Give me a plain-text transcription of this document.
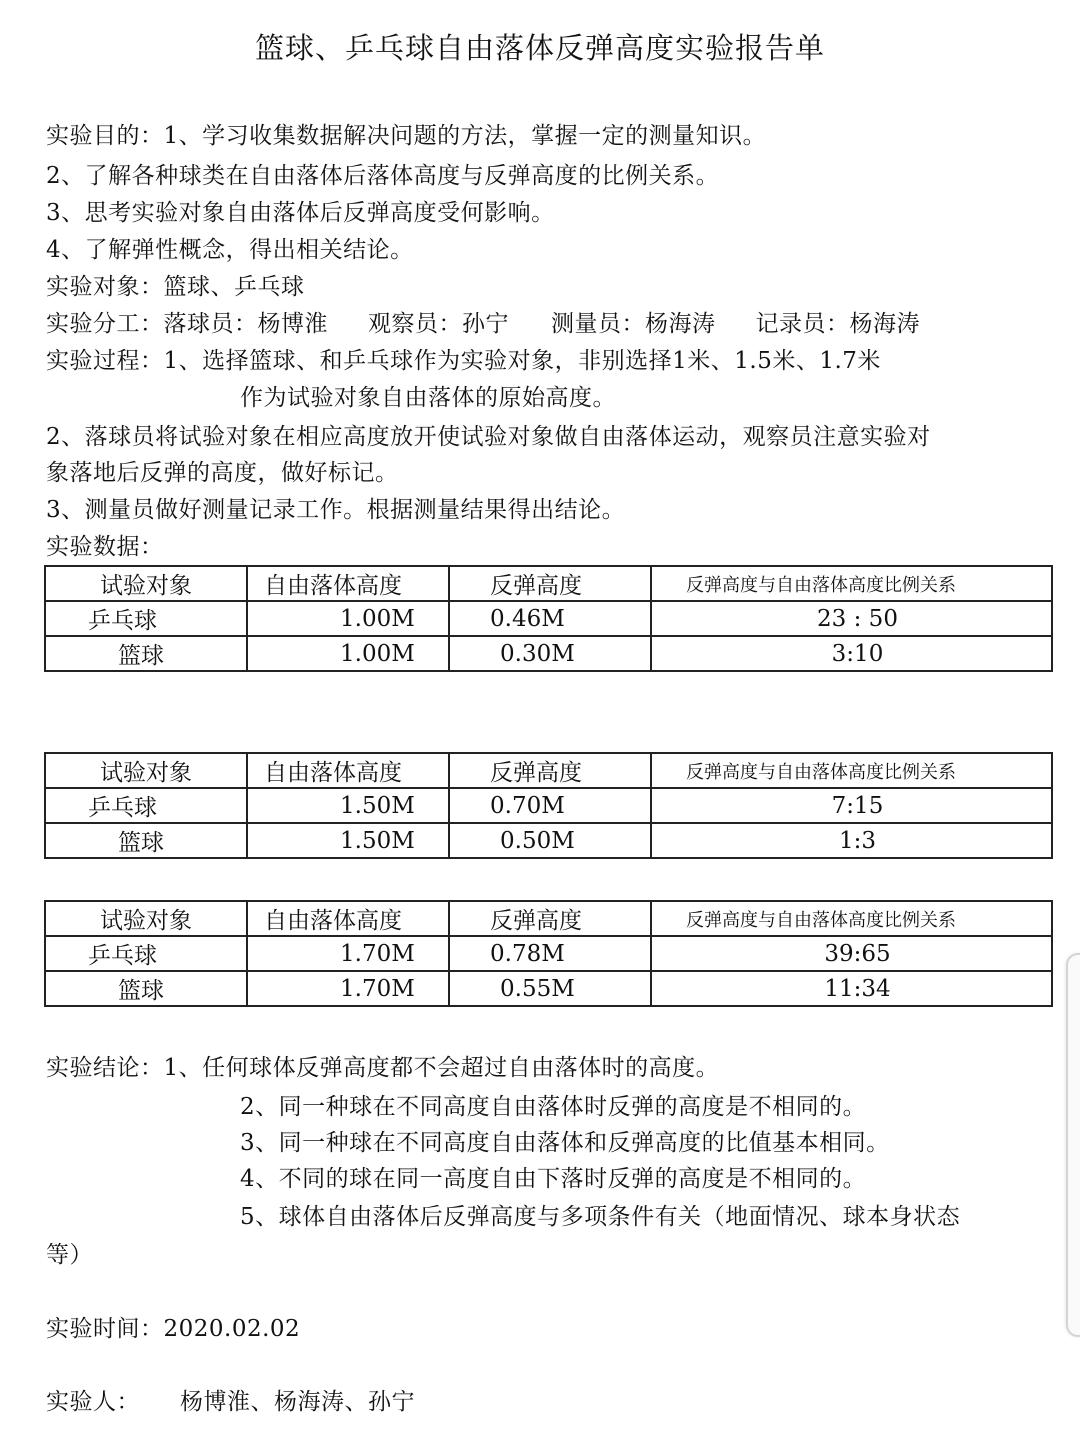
篮球、乒乓球自由落体反弹高度实验报告单
实验目的：1、学习收集数据解决问题的方法，掌握一定的测量知识。
2、了解各种球类在自由落体后落体高度与反弹高度的比例关系。
3、思考实验对象自由落体后反弹高度受何影响。
4、了解弹性概念，得出相关结论。
实验对象：篮球、乒乓球
实验分工：落球员：杨博淮 观察员：孙宁 测量员：杨海涛 记录员：杨海涛
实验过程：1、选择篮球、和乒乓球作为实验对象，非别选择1米、1.5米、1.7米
作为试验对象自由落体的原始高度。
2、落球员将试验对象在相应高度放开使试验对象做自由落体运动，观察员注意实验对
象落地后反弹的高度，做好标记。
3、测量员做好测量记录工作。根据测量结果得出结论。
实验数据：
试验对象	自由落体高度	反弹高度	反弹高度与自由落体高度比例关系
乒乓球	1.00M	0.46M	23 : 50
篮球	1.00M	0.30M	3:10
试验对象	自由落体高度	反弹高度	反弹高度与自由落体高度比例关系
乒乓球	1.50M	0.70M	7:15
篮球	1.50M	0.50M	1:3
试验对象	自由落体高度	反弹高度	反弹高度与自由落体高度比例关系
乒乓球	1.70M	0.78M	39:65
篮球	1.70M	0.55M	11:34
实验结论：1、任何球体反弹高度都不会超过自由落体时的高度。
2、同一种球在不同高度自由落体时反弹的高度是不相同的。
3、同一种球在不同高度自由落体和反弹高度的比值基本相同。
4、不同的球在同一高度自由下落时反弹的高度是不相同的。
5、球体自由落体后反弹高度与多项条件有关（地面情况、球本身状态
等）
实验时间：2020.02.02
实验人： 杨博淮、杨海涛、孙宁
